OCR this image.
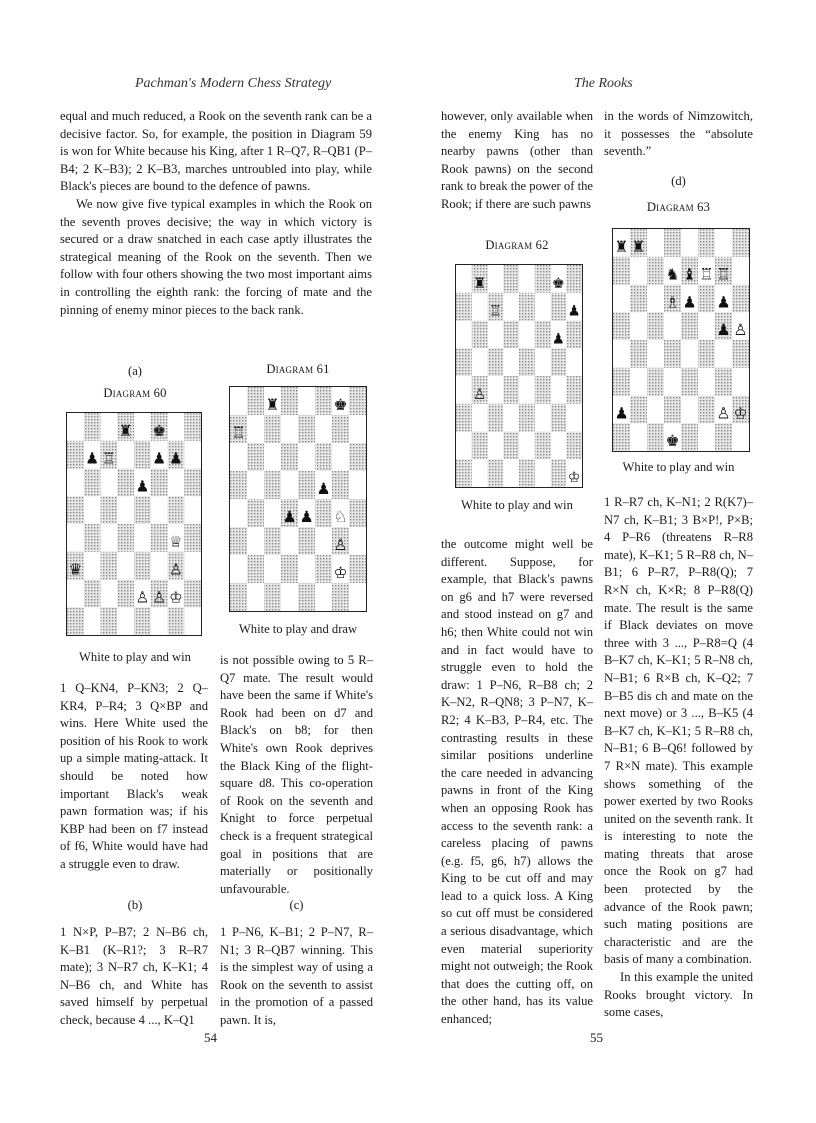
Pachman's Modern Chess Strategy

equal and much reduced, a Rook on the seventh rank can be a decisive factor. So, for example, the position in Diagram 59 is won for White because his King, after 1 R–Q7, R–QB1 (P–B4; 2 K–B3); 2 K–B3, marches untroubled into play, while Black's pieces are bound to the defence of pawns.

We now give five typical examples in which the Rook on the seventh proves decisive; the way in which victory is secured or a draw snatched in each case aptly illustrates the strategical meaning of the Rook on the seventh. Then we follow with four others showing the two most important aims in controlling the eighth rank: the forcing of mate and the pinning of enemy minor pieces to the back rank.

(a)
Diagram 60
♜ ♚
♟ ♖ ♟ ♟
♟
♕
♛	♙
♙ ♙ ♔
White to play and win
Diagram 61
♜	♚
♖
♟
♟ ♟ ♘
♙
♔
White to play and draw
1 Q–KN4, P–KN3; 2 Q–KR4, P–R4; 3 Q×BP and wins. Here White used the position of his Rook to work up a simple mating-attack. It should be noted how important Black's weak pawn formation was; if his KBP had been on f7 instead of f6, White would have had a struggle even to draw.
is not possible owing to 5 R–Q7 mate. The result would have been the same if White's Rook had been on d7 and Black's on b8; for then White's own Rook deprives the Black King of the flight-square d8. This co-operation of Rook on the seventh and Knight to force perpetual check is a frequent strategical goal in positions that are materially or positionally unfavourable.
(b)	(c)
1 N×P, P–B7; 2 N–B6 ch, K–B1 (K–R1?; 3 R–R7 mate); 3 N–R7 ch, K–K1; 4 N–B6 ch, and White has saved himself by perpetual check, because 4 ..., K–Q1
1 P–N6, K–B1; 2 P–N7, R–N1; 3 R–QB7 winning. This is the simplest way of using a Rook on the seventh to assist in the promotion of a passed pawn. It is,
54
The Rooks
however, only available when the enemy King has no nearby pawns (other than Rook pawns) on the second rank to break the power of the Rook; if there are such pawns
Diagram 62
♜	♚
♖	♟
♟
♙
♔
White to play and win
the outcome might well be different. Suppose, for example, that Black's pawns on g6 and h7 were reversed and stood instead on g7 and h6; then White could not win and in fact would have to struggle even to hold the draw: 1 P–N6, R–B8 ch; 2 K–N2, R–QN8; 3 P–N7, K–R2; 4 K–B3, P–R4, etc. The contrasting results in these similar positions underline the care needed in advancing pawns in front of the King when an opposing Rook has access to the seventh rank: a careless placing of pawns (e.g. f5, g6, h7) allows the King to be cut off and may lead to a quick loss. A King so cut off must be considered a serious disadvantage, which even material superiority might not outweigh; the Rook that does the cutting off, on the other hand, has its value enhanced;
in the words of Nimzowitch, it possesses the “absolute seventh.”
(d)
Diagram 63
♜ ♜
♞ ♝ ♖ ♖
♗ ♟ ♟
♟ ♙
♟	♙ ♔
♚
White to play and win

1 R–R7 ch, K–N1; 2 R(K7)–N7 ch, K–B1; 3 B×P!, P×B; 4 P–R6 (threatens R–R8 mate), K–K1; 5 R–R8 ch, N–B1; 6 P–R7, P–R8(Q); 7 R×N ch, K×R; 8 P–R8(Q) mate. The result is the same if Black deviates on move three with 3 ..., P–R8=Q (4 B–K7 ch, K–K1; 5 R–N8 ch, N–B1; 6 R×B ch, K–Q2; 7 B–B5 dis ch and mate on the next move) or 3 ..., B–K5 (4 B–K7 ch, K–K1; 5 R–R8 ch, N–B1; 6 B–Q6! followed by 7 R×N mate). This example shows something of the power exerted by two Rooks united on the seventh rank. It is interesting to note the mating threats that arose once the Rook on g7 had been protected by the advance of the Rook pawn; such mating positions are characteristic and are the basis of many a combination.

In this example the united Rooks brought victory. In some cases,

55
